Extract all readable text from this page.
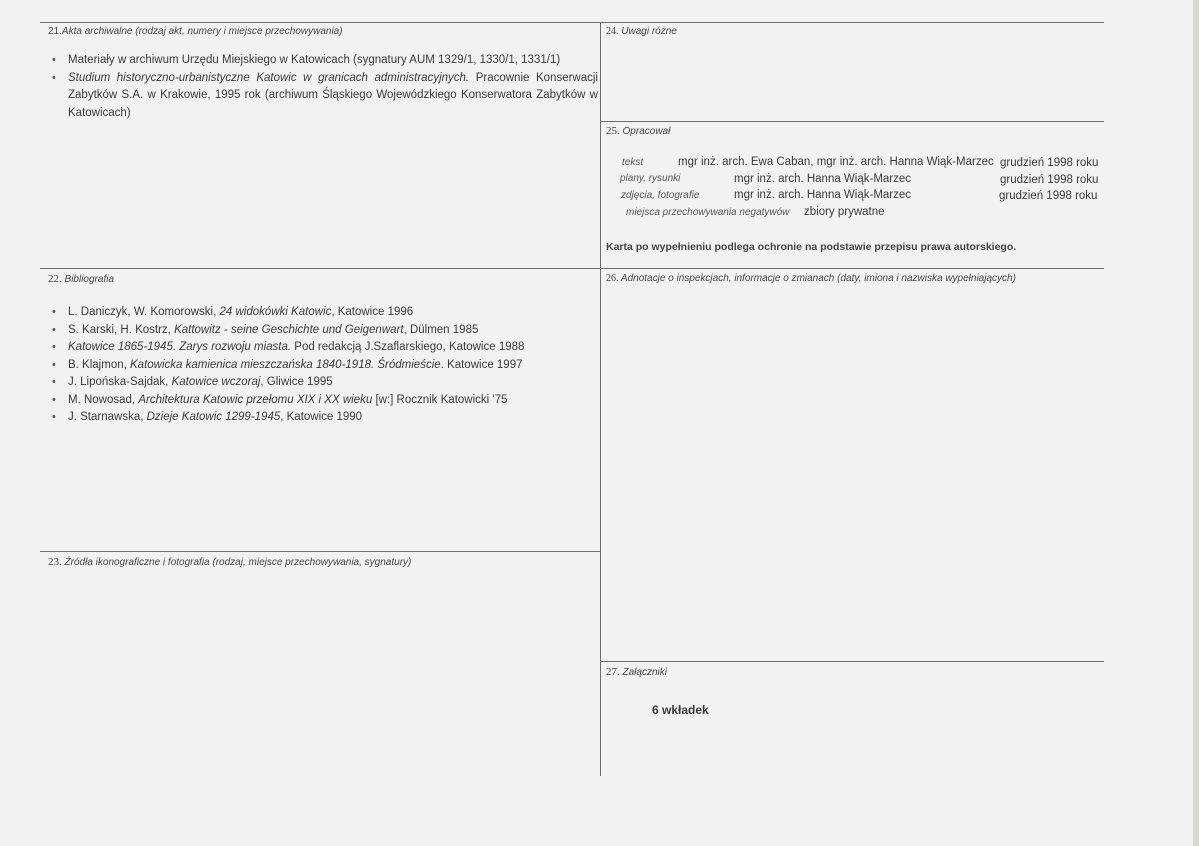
21.Akta archiwalne (rodzaj akt, numery i miejsce przechowywania)
• Materiały w archiwum Urzędu Miejskiego w Katowicach (sygnatury AUM 1329/1, 1330/1, 1331/1)
• Studium historyczno-urbanistyczne Katowic w granicach administracyjnych. Pracownie Konserwacji Zabytków S.A. w Krakowie, 1995 rok (archiwum Śląskiego Wojewódzkiego Konserwatora Zabytków w Katowicach)
22. Bibliografia
• L. Daniczyk, W. Komorowski, 24 widokówki Katowic, Katowice 1996
• S. Karski, H. Kostrz, Kattowitz - seine Geschichte und Geigenwart, Dülmen 1985
• Katowice 1865-1945. Zarys rozwoju miasta. Pod redakcją J.Szaflarskiego, Katowice 1988
• B. Klajmon, Katowicka kamienica mieszczańska 1840-1918. Śródmieście. Katowice 1997
• J. Lipońska-Sajdak, Katowice wczoraj, Gliwice 1995
• M. Nowosad, Architektura Katowic przełomu XIX i XX wieku [w:] Rocznik Katowicki '75
• J. Starnawska, Dzieje Katowic 1299-1945, Katowice 1990
23. Źródła ikonograficzne i fotografia (rodzaj, miejsce przechowywania, sygnatury)
24. Uwagi różne
25. Opracował
tekst	mgr inż. arch. Ewa Caban, mgr inż. arch. Hanna Wiąk-Marzec grudzień 1998 roku
plany, rysunki	mgr inż. arch. Hanna Wiąk-Marzec	grudzień 1998 roku
zdjęcia, fotografie	mgr inż. arch. Hanna Wiąk-Marzec	grudzień 1998 roku
miejsca przechowywania negatywów zbiory prywatne
Karta po wypełnieniu podlega ochronie na podstawie przepisu prawa autorskiego.
26. Adnotacje o inspekcjach, informacje o zmianach (daty, imiona i nazwiska wypełniających)
27. Załączniki
6 wkładek
